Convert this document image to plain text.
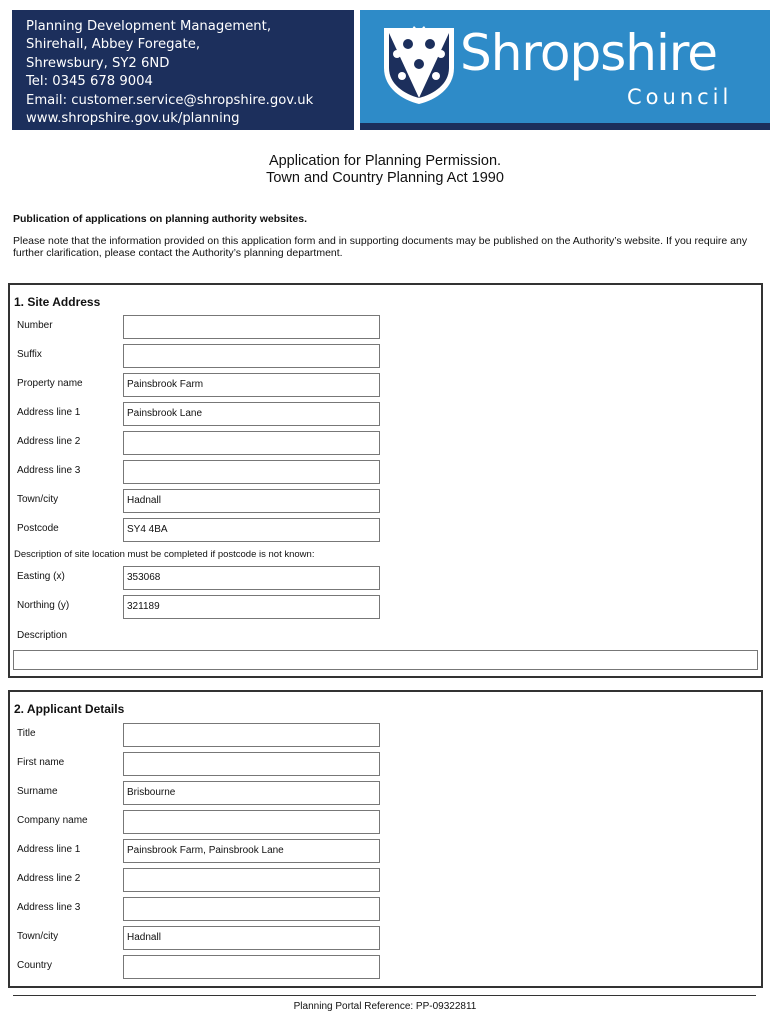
Planning Development Management,
Shirehall, Abbey Foregate,
Shrewsbury, SY2 6ND
Tel: 0345 678 9004
Email: customer.service@shropshire.gov.uk
www.shropshire.gov.uk/planning
Shropshire
Council
Application for Planning Permission.
Town and Country Planning Act 1990
Publication of applications on planning authority websites.
Please note that the information provided on this application form and in supporting documents may be published on the Authority’s website. If you require any further clarification, please contact the Authority’s planning department.
1. Site Address
Number
Suffix
Property name	Painsbrook Farm
Address line 1	Painsbrook Lane
Address line 2
Address line 3
Town/city	Hadnall
Postcode	SY4 4BA
Description of site location must be completed if postcode is not known:
Easting (x)	353068
Northing (y)	321189
Description
2. Applicant Details
Title
First name
Surname	Brisbourne
Company name
Address line 1	Painsbrook Farm, Painsbrook Lane
Address line 2
Address line 3
Town/city	Hadnall
Country
Planning Portal Reference: PP-09322811
